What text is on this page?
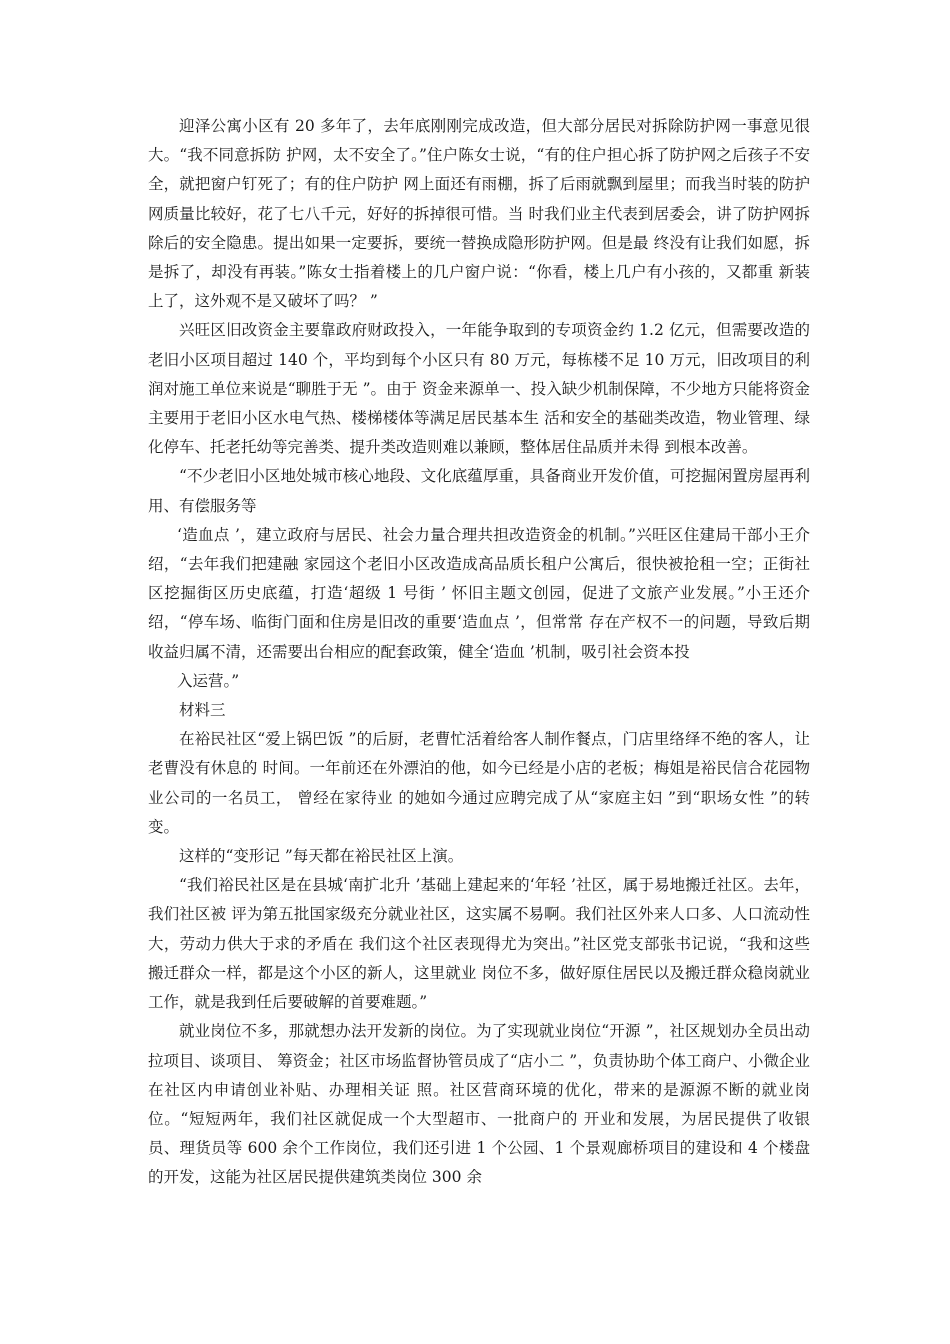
迎泽公寓小区有 20 多年了，去年底刚刚完成改造，但大部分居民对拆除防护网一事意见很大。“我不同意拆防 护网，太不安全了。”住户陈女士说，“有的住户担心拆了防护网之后孩子不安全，就把窗户钉死了；有的住户防护 网上面还有雨棚，拆了后雨就飘到屋里；而我当时装的防护网质量比较好，花了七八千元，好好的拆掉很可惜。当 时我们业主代表到居委会，讲了防护网拆除后的安全隐患。提出如果一定要拆，要统一替换成隐形防护网。但是最 终没有让我们如愿，拆是拆了，却没有再装。”陈女士指着楼上的几户窗户说：“你看，楼上几户有小孩的，又都重 新装上了，这外观不是又破坏了吗？ ”

兴旺区旧改资金主要靠政府财政投入，一年能争取到的专项资金约 1.2 亿元，但需要改造的老旧小区项目超过 140 个，平均到每个小区只有 80 万元，每栋楼不足 10 万元，旧改项目的利润对施工单位来说是“聊胜于无 ”。由于 资金来源单一、投入缺少机制保障，不少地方只能将资金主要用于老旧小区水电气热、楼梯楼体等满足居民基本生 活和安全的基础类改造，物业管理、绿化停车、托老托幼等完善类、提升类改造则难以兼顾，整体居住品质并未得 到根本改善。

“不少老旧小区地处城市核心地段、文化底蕴厚重，具备商业开发价值，可挖掘闲置房屋再利用、有偿服务等

‘造血点 ’，建立政府与居民、社会力量合理共担改造资金的机制。”兴旺区住建局干部小王介绍，“去年我们把建融 家园这个老旧小区改造成高品质长租户公寓后，很快被抢租一空；正街社区挖掘街区历史底蕴，打造‘超级 1 号街 ’ 怀旧主题文创园，促进了文旅产业发展。”小王还介绍，“停车场、临街门面和住房是旧改的重要‘造血点 ’，但常常 存在产权不一的问题，导致后期收益归属不清，还需要出台相应的配套政策，健全‘造血 ’机制，吸引社会资本投

入运营。”

材料三

在裕民社区“爱上锅巴饭 ”的后厨，老曹忙活着给客人制作餐点，门店里络绎不绝的客人，让老曹没有休息的 时间。一年前还在外漂泊的他，如今已经是小店的老板；梅姐是裕民信合花园物业公司的一名员工， 曾经在家待业 的她如今通过应聘完成了从“家庭主妇 ”到“职场女性 ”的转变。

这样的“变形记 ”每天都在裕民社区上演。

“我们裕民社区是在县城‘南扩北升 ’基础上建起来的‘年轻 ’社区，属于易地搬迁社区。去年，我们社区被 评为第五批国家级充分就业社区，这实属不易啊。我们社区外来人口多、人口流动性大，劳动力供大于求的矛盾在 我们这个社区表现得尤为突出。”社区党支部张书记说，“我和这些搬迁群众一样，都是这个小区的新人，这里就业 岗位不多，做好原住居民以及搬迁群众稳岗就业工作，就是我到任后要破解的首要难题。”

就业岗位不多，那就想办法开发新的岗位。为了实现就业岗位“开源 ”，社区规划办全员出动拉项目、谈项目、 筹资金；社区市场监督协管员成了“店小二 ”，负责协助个体工商户、小微企业在社区内申请创业补贴、办理相关证 照。社区营商环境的优化，带来的是源源不断的就业岗位。“短短两年，我们社区就促成一个大型超市、一批商户的 开业和发展，为居民提供了收银员、理货员等 600 余个工作岗位，我们还引进 1 个公园、1 个景观廊桥项目的建设和 4 个楼盘的开发，这能为社区居民提供建筑类岗位 300 余
